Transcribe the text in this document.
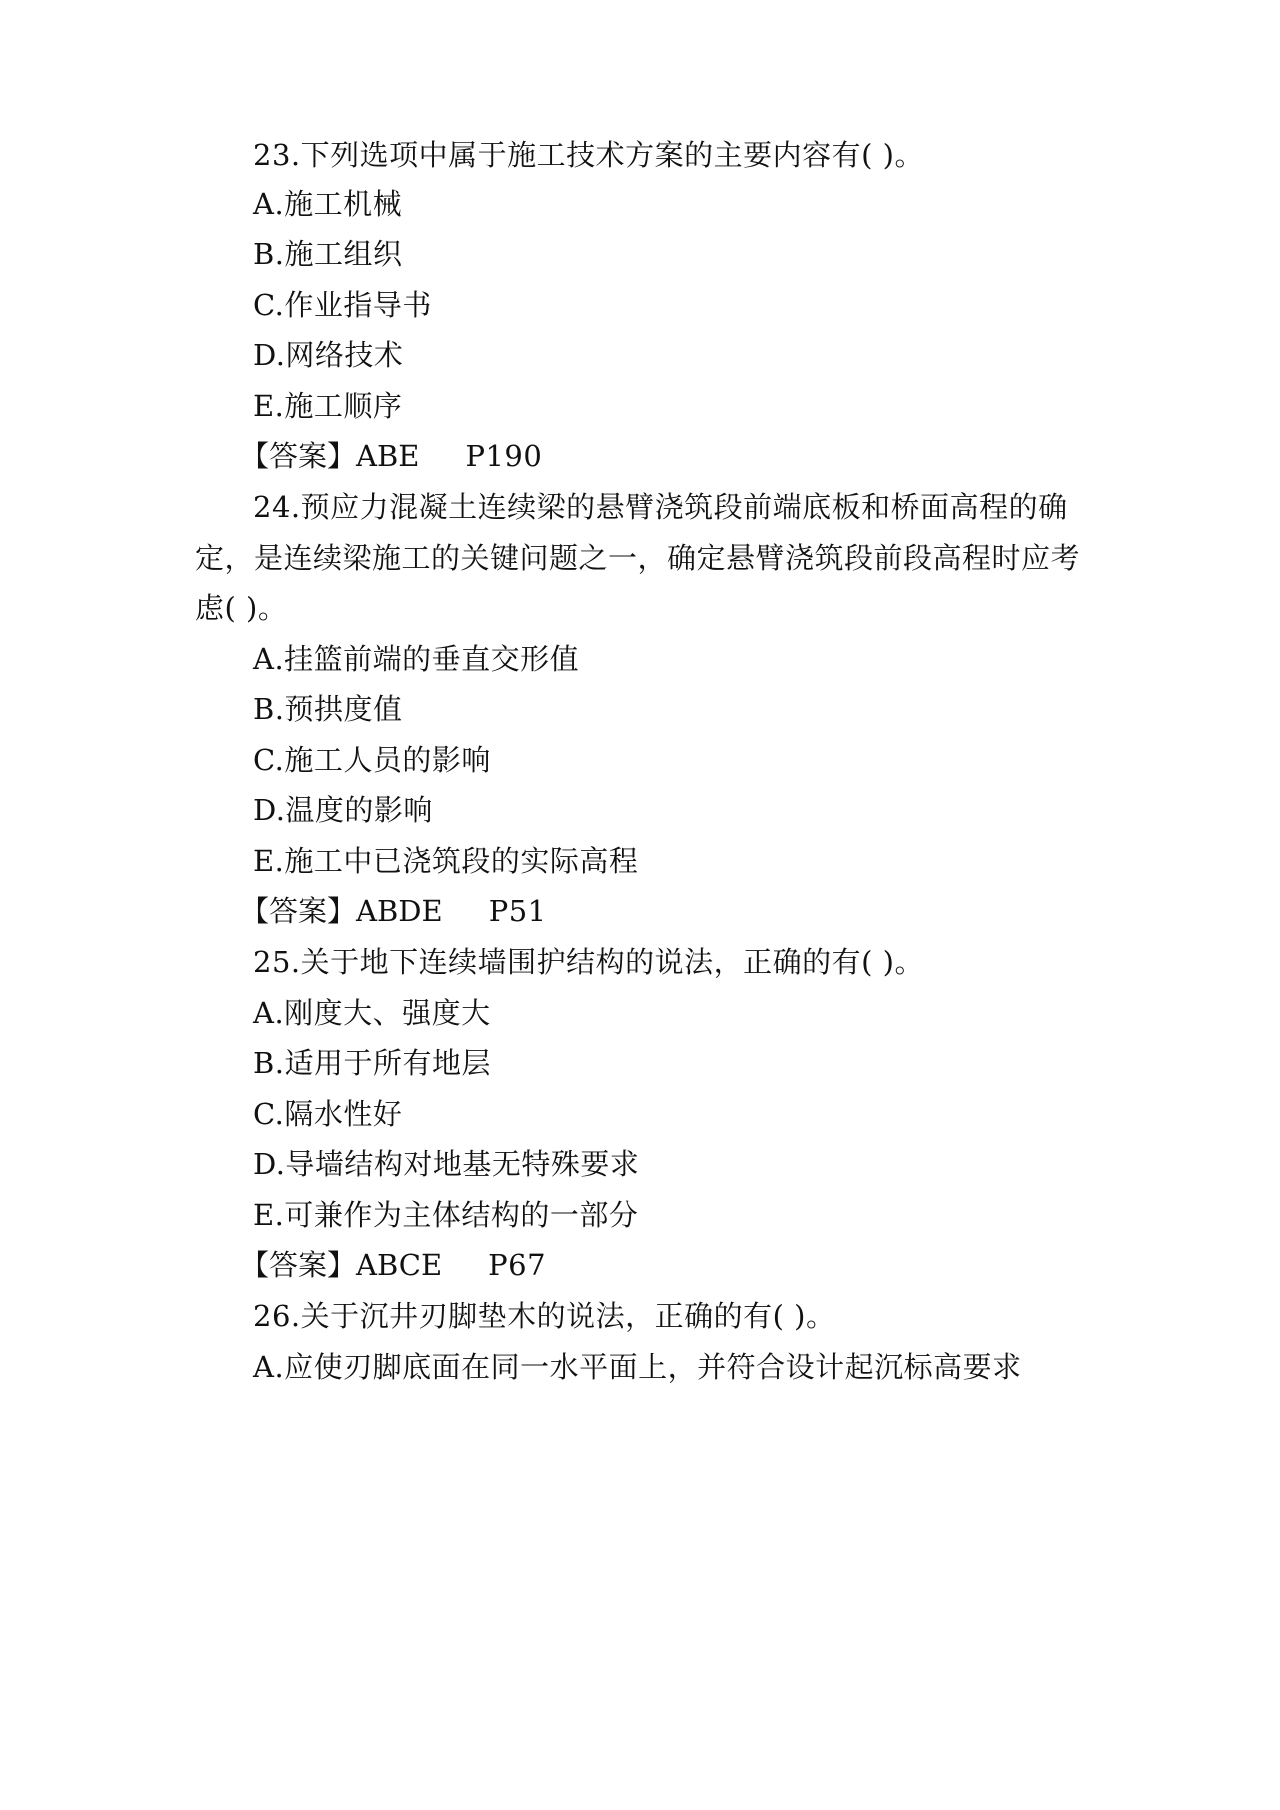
23.下列选项中属于施工技术方案的主要内容有( )。
A.施工机械
B.施工组织
C.作业指导书
D.网络技术
E.施工顺序
【答案】ABE P190
24.预应力混凝土连续梁的悬臂浇筑段前端底板和桥面高程的确
定，是连续梁施工的关键问题之一，确定悬臂浇筑段前段高程时应考
虑( )。
A.挂篮前端的垂直交形值
B.预拱度值
C.施工人员的影响
D.温度的影响
E.施工中已浇筑段的实际高程
【答案】ABDE P51
25.关于地下连续墙围护结构的说法，正确的有( )。
A.刚度大、强度大
B.适用于所有地层
C.隔水性好
D.导墙结构对地基无特殊要求
E.可兼作为主体结构的一部分
【答案】ABCE P67
26.关于沉井刃脚垫木的说法，正确的有( )。
A.应使刃脚底面在同一水平面上，并符合设计起沉标高要求
